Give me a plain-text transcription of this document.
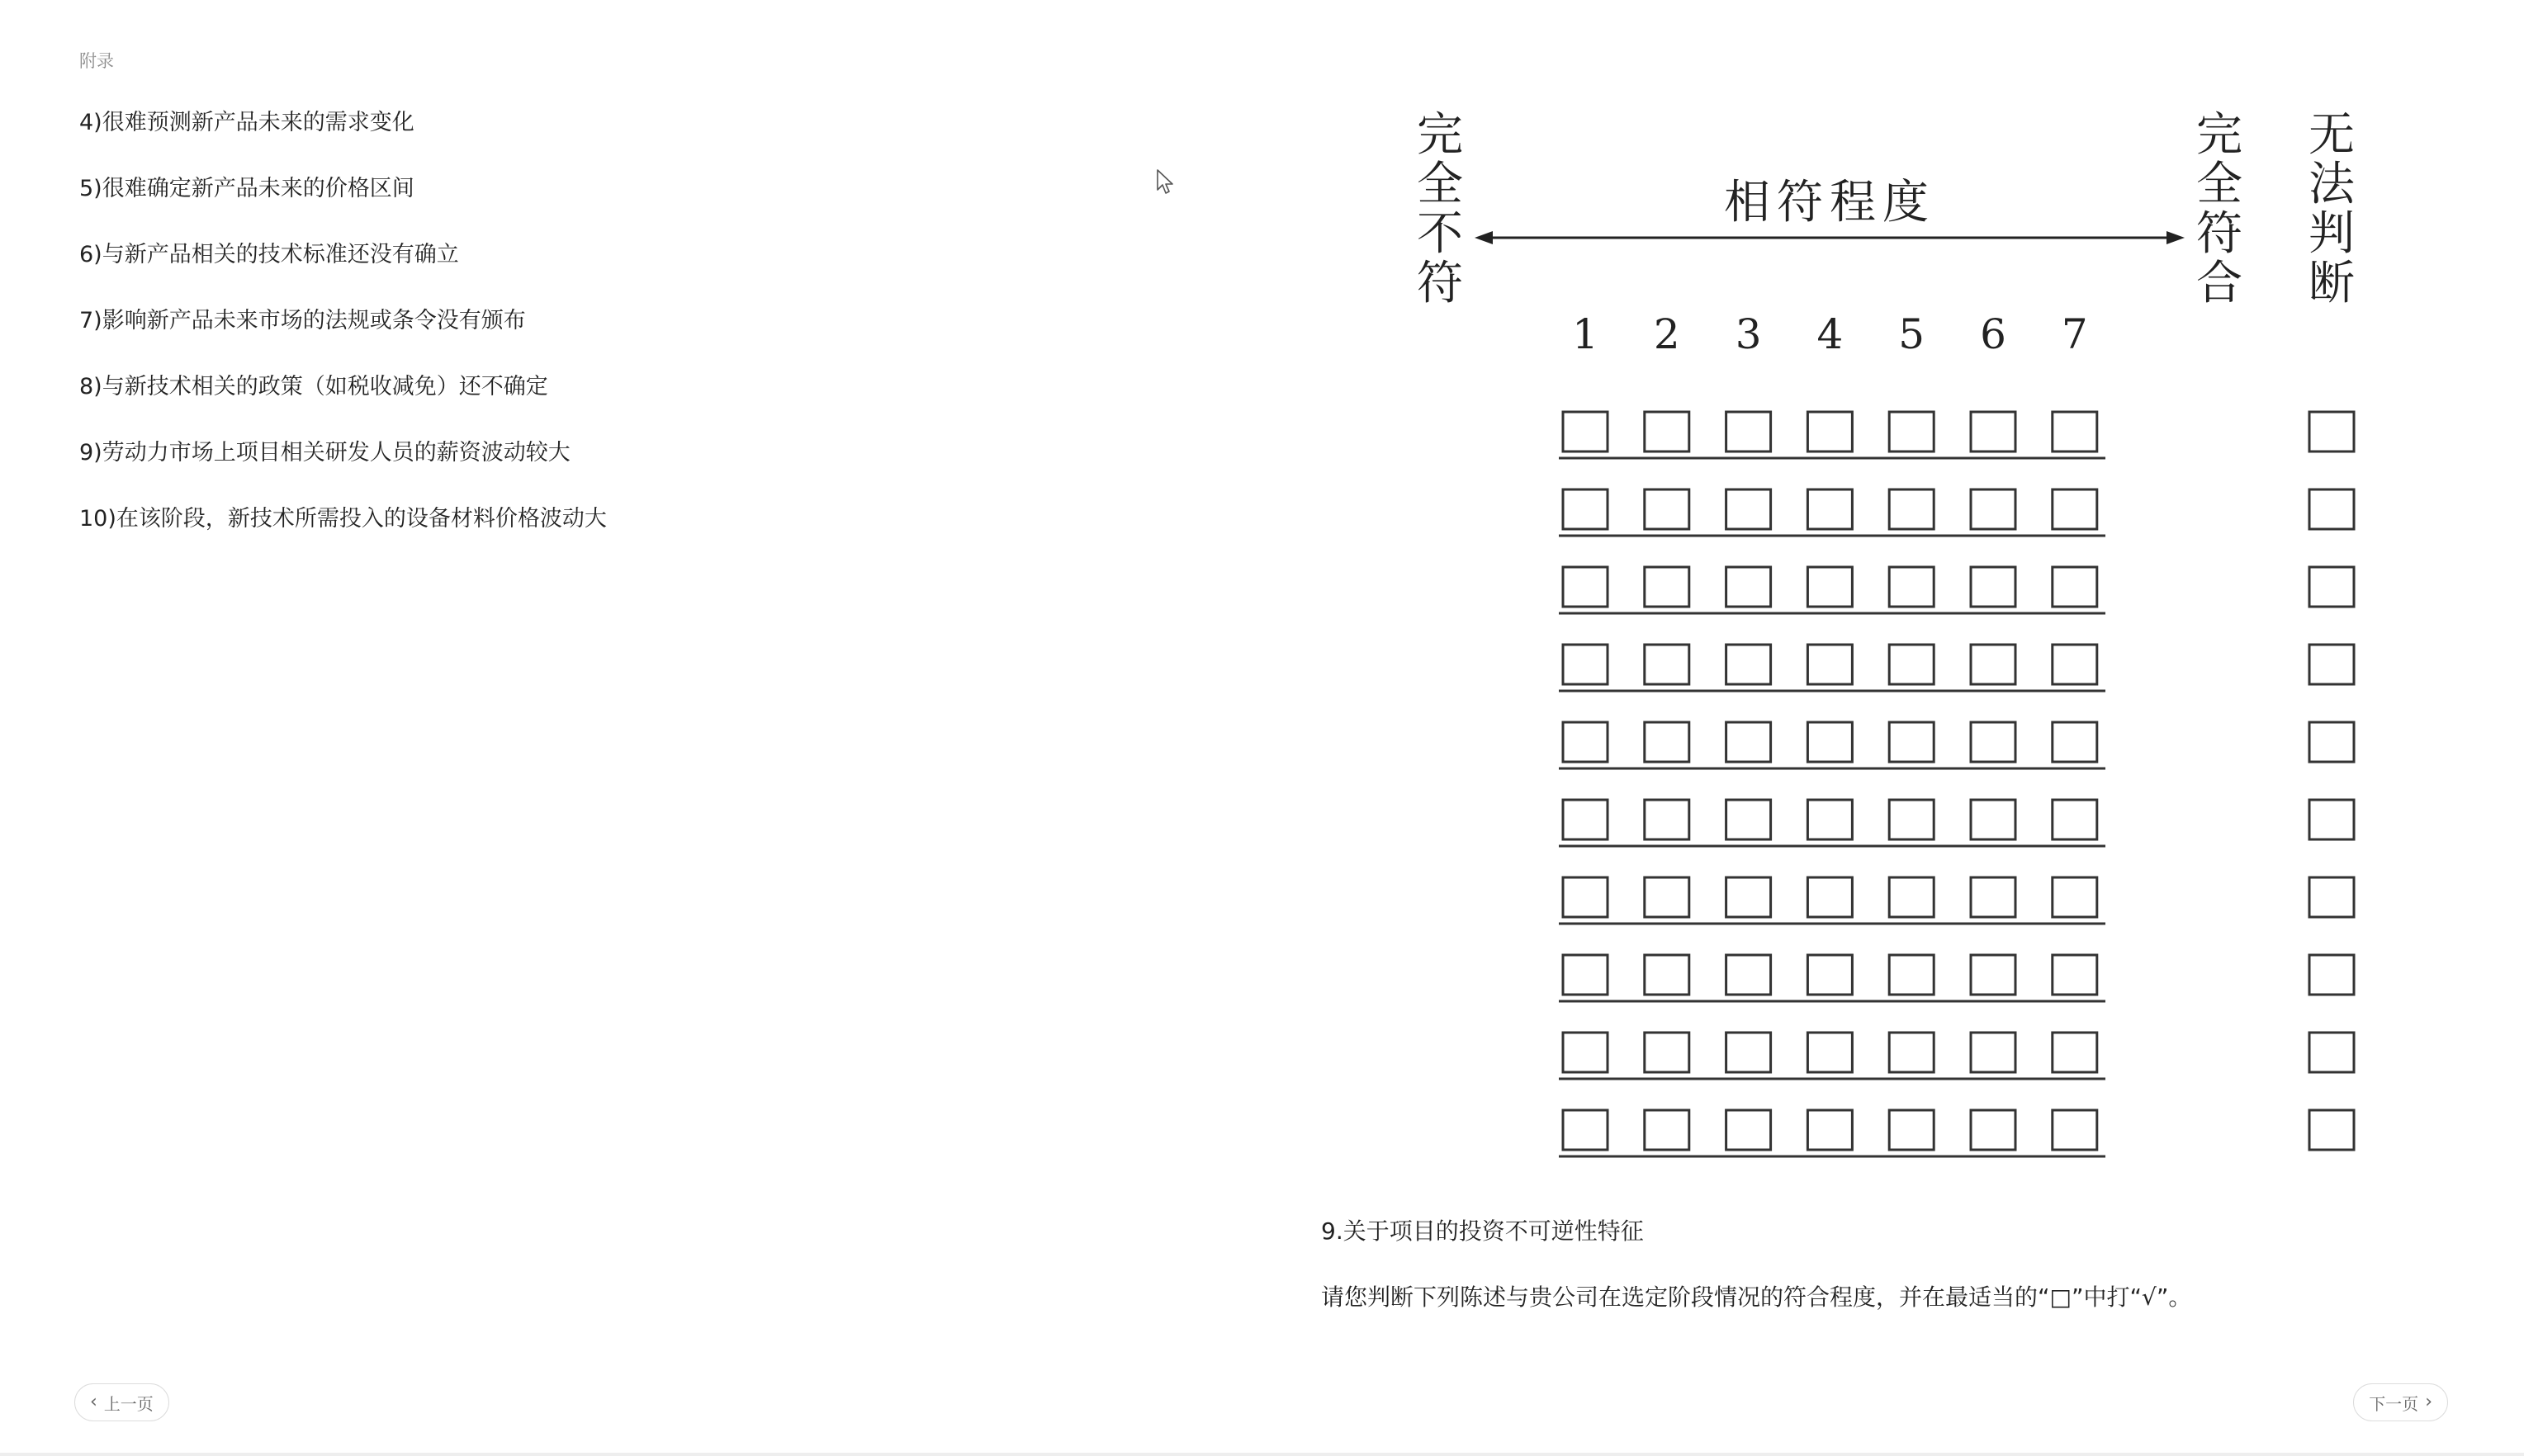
附录
4)很难预测新产品未来的需求变化
5)很难确定新产品未来的价格区间
6)与新产品相关的技术标准还没有确立
7)影响新产品未来市场的法规或条令没有颁布
8)与新技术相关的政策（如税收减免）还不确定
9)劳动力市场上项目相关研发人员的薪资波动较大
10)在该阶段，新技术所需投入的设备材料价格波动大
完
全
不
符
相符程度
完
全
符
合
无
法
判
断
1 2 3 4 5 6 7
9.关于项目的投资不可逆性特征
请您判断下列陈述与贵公司在选定阶段情况的符合程度，并在最适当的“□”中打“√”。
‹ 上一页	下一页 ›
